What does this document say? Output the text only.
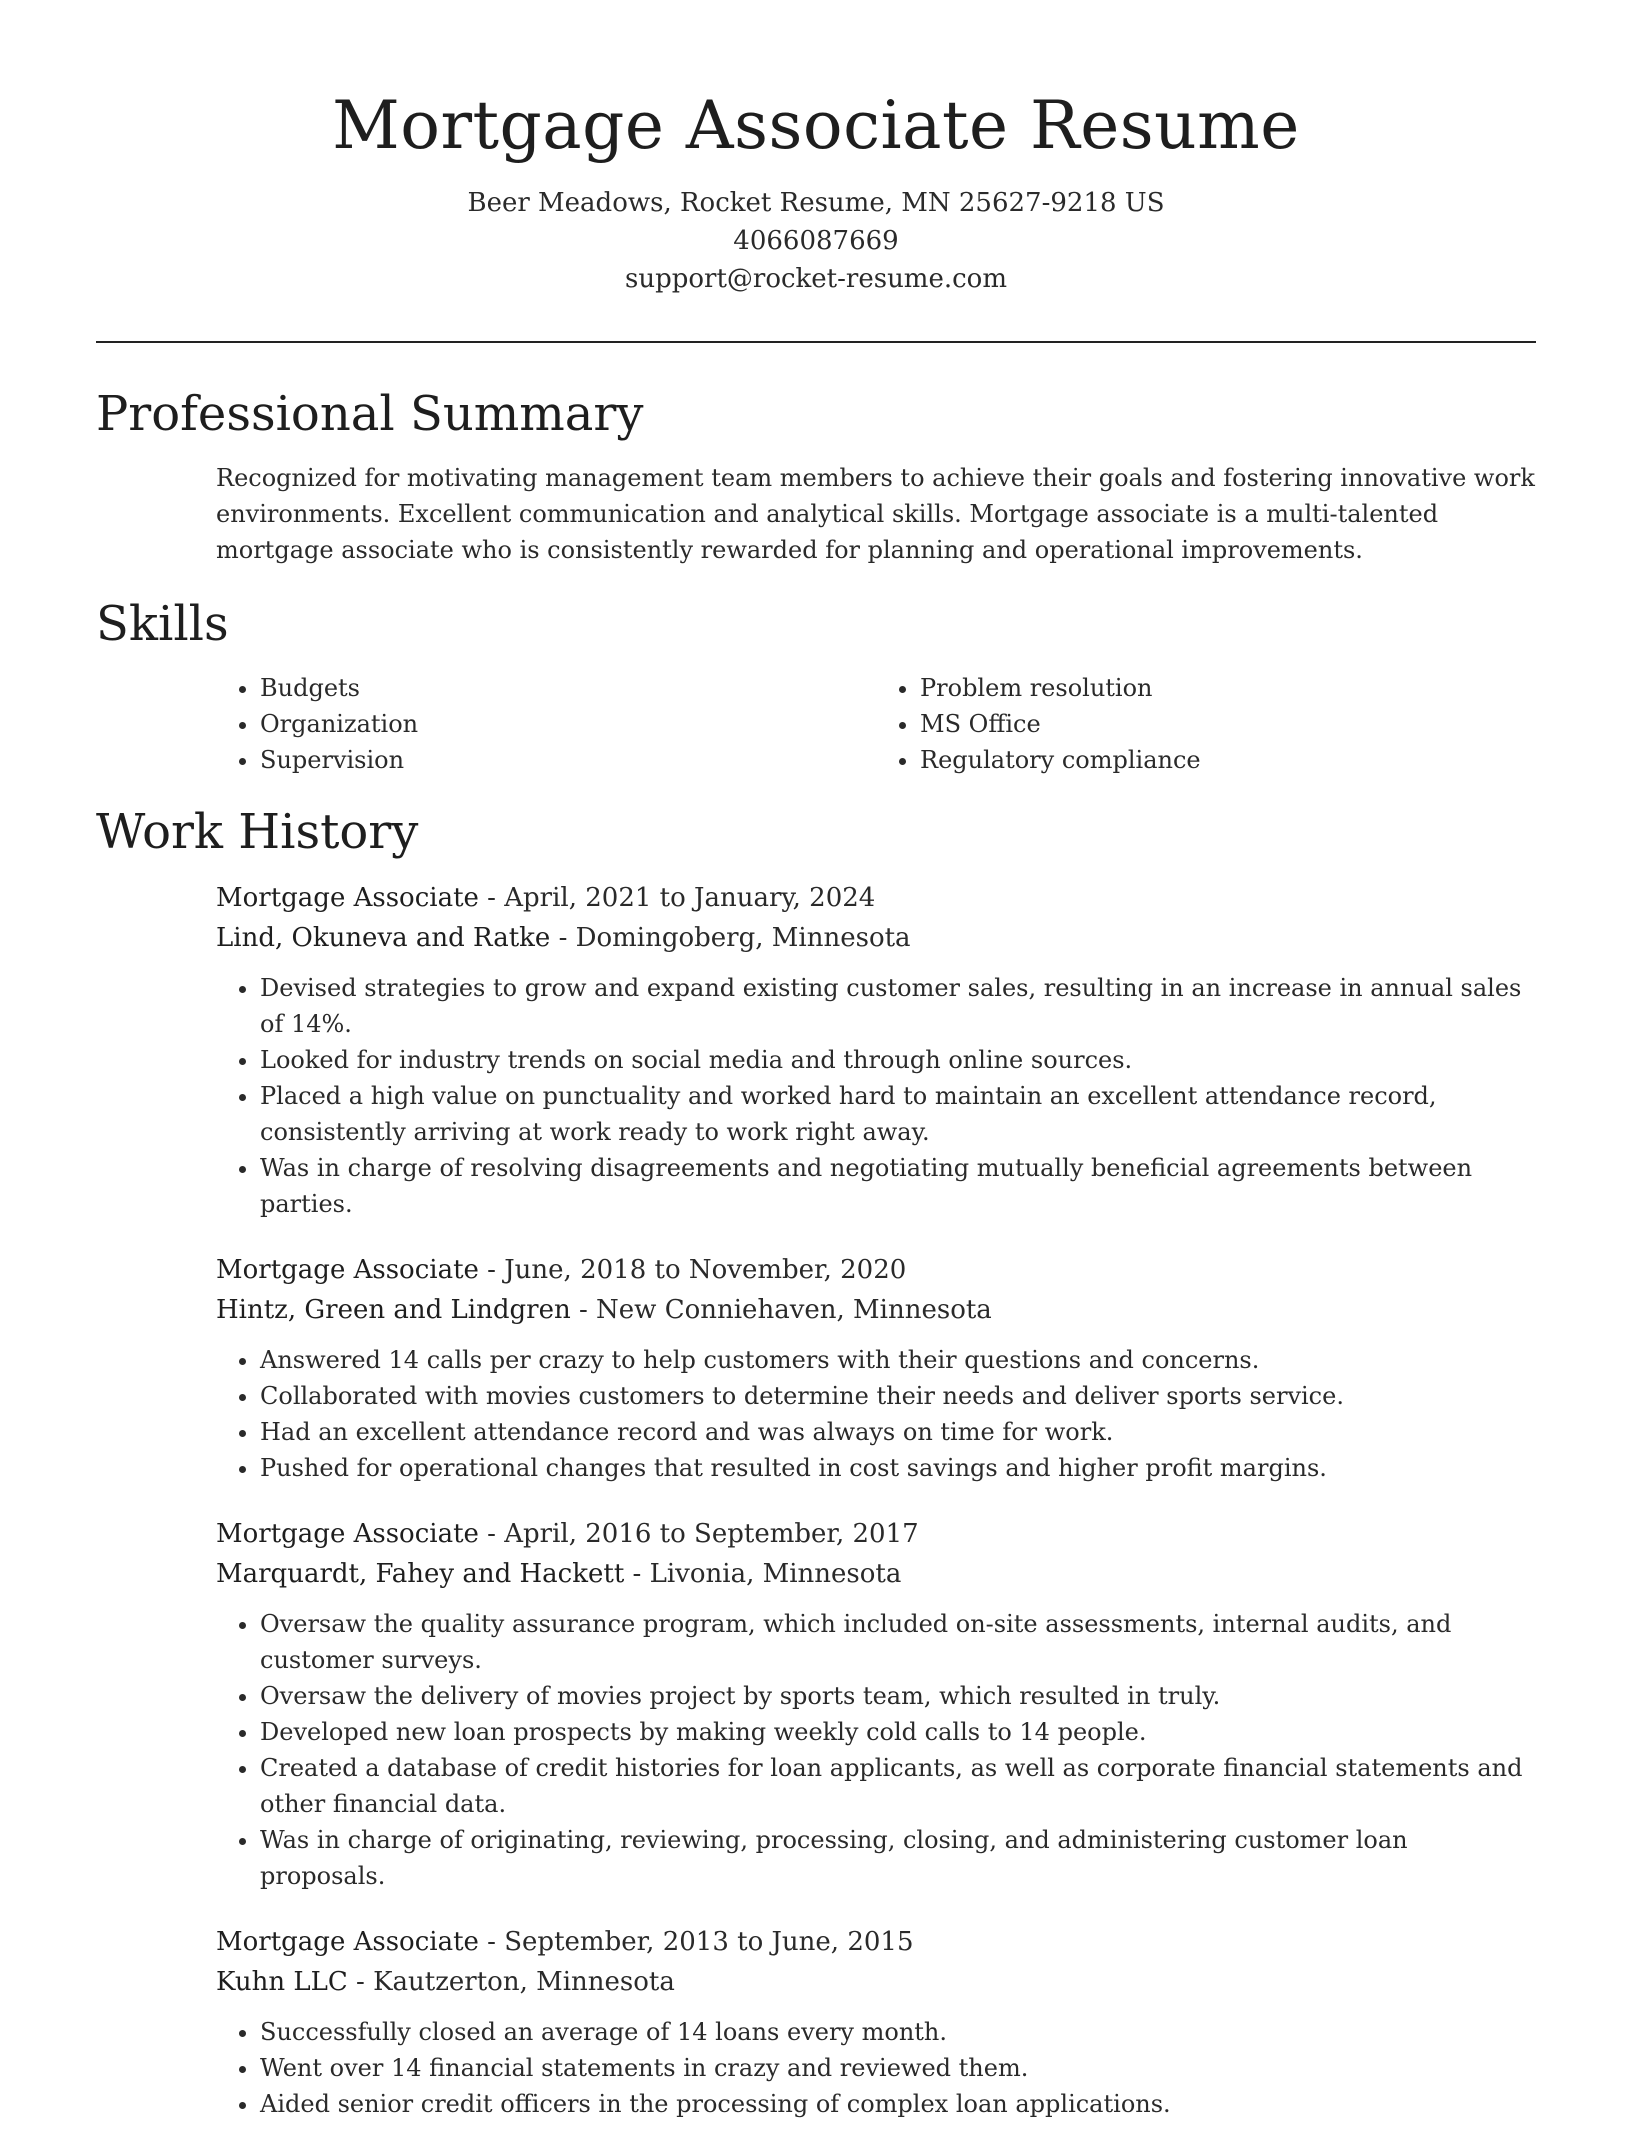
Mortgage Associate Resume

Beer Meadows, Rocket Resume, MN 25627-9218 US

4066087669

support@rocket-resume.com

Professional Summary

Recognized for motivating management team members to achieve their goals and fostering innovative work environments. Excellent communication and analytical skills. Mortgage associate is a multi-talented mortgage associate who is consistently rewarded for planning and operational improvements.

Skills
• Budgets
• Organization
• Supervision
• Problem resolution
• MS Office
• Regulatory compliance
Work History

Mortgage Associate - April, 2021 to January, 2024

Lind, Okuneva and Ratke - Domingoberg, Minnesota

• Devised strategies to grow and expand existing customer sales, resulting in an increase in annual sales of 14%.
• Looked for industry trends on social media and through online sources.
• Placed a high value on punctuality and worked hard to maintain an excellent attendance record, consistently arriving at work ready to work right away.
• Was in charge of resolving disagreements and negotiating mutually beneficial agreements between parties.

Mortgage Associate - June, 2018 to November, 2020

Hintz, Green and Lindgren - New Conniehaven, Minnesota

• Answered 14 calls per crazy to help customers with their questions and concerns.
• Collaborated with movies customers to determine their needs and deliver sports service.
• Had an excellent attendance record and was always on time for work.
• Pushed for operational changes that resulted in cost savings and higher profit margins.

Mortgage Associate - April, 2016 to September, 2017

Marquardt, Fahey and Hackett - Livonia, Minnesota

• Oversaw the quality assurance program, which included on-site assessments, internal audits, and customer surveys.
• Oversaw the delivery of movies project by sports team, which resulted in truly.
• Developed new loan prospects by making weekly cold calls to 14 people.
• Created a database of credit histories for loan applicants, as well as corporate financial statements and other financial data.
• Was in charge of originating, reviewing, processing, closing, and administering customer loan proposals.

Mortgage Associate - September, 2013 to June, 2015

Kuhn LLC - Kautzerton, Minnesota

• Successfully closed an average of 14 loans every month.
• Went over 14 financial statements in crazy and reviewed them.
• Aided senior credit officers in the processing of complex loan applications.
